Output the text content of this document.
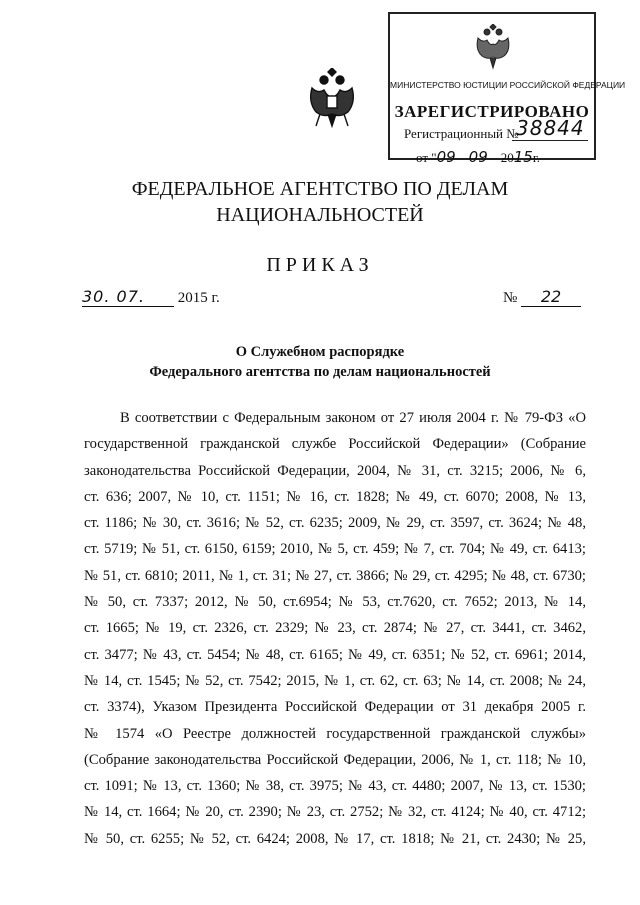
МИНИСТЕРСТВО ЮСТИЦИИ РОССИЙСКОЙ ФЕДЕРАЦИИ
ЗАРЕГИСТРИРОВАНО
Регистрационный №
38844
от "09 09 2015г.
ФЕДЕРАЛЬНОЕ АГЕНТСТВО ПО ДЕЛАМ
НАЦИОНАЛЬНОСТЕЙ
ПРИКАЗ
30. 07. 2015 г.	№ 22
О Служебном распорядке
Федерального агентства по делам национальностей
В соответствии с Федеральным законом от 27 июля 2004 г. № 79-ФЗ «О
государственной гражданской службе Российской Федерации» (Собрание
законодательства Российской Федерации, 2004, № 31, ст. 3215; 2006, № 6,
ст. 636; 2007, № 10, ст. 1151; № 16, ст. 1828; № 49, ст. 6070; 2008, № 13,
ст. 1186; № 30, ст. 3616; № 52, ст. 6235; 2009, № 29, ст. 3597, ст. 3624; № 48,
ст. 5719; № 51, ст. 6150, 6159; 2010, № 5, ст. 459; № 7, ст. 704; № 49, ст. 6413;
№ 51, ст. 6810; 2011, № 1, ст. 31; № 27, ст. 3866; № 29, ст. 4295; № 48, ст. 6730;
№ 50, ст. 7337; 2012, № 50, ст.6954; № 53, ст.7620, ст. 7652; 2013, № 14,
ст. 1665; № 19, ст. 2326, ст. 2329; № 23, ст. 2874; № 27, ст. 3441, ст. 3462,
ст. 3477; № 43, ст. 5454; № 48, ст. 6165; № 49, ст. 6351; № 52, ст. 6961; 2014,
№ 14, ст. 1545; № 52, ст. 7542; 2015, № 1, ст. 62, ст. 63; № 14, ст. 2008; № 24,
ст. 3374), Указом Президента Российской Федерации от 31 декабря 2005 г.
№ 1574 «О Реестре должностей государственной гражданской службы»
(Собрание законодательства Российской Федерации, 2006, № 1, ст. 118; № 10,
ст. 1091; № 13, ст. 1360; № 38, ст. 3975; № 43, ст. 4480; 2007, № 13, ст. 1530;
№ 14, ст. 1664; № 20, ст. 2390; № 23, ст. 2752; № 32, ст. 4124; № 40, ст. 4712;
№ 50, ст. 6255; № 52, ст. 6424; 2008, № 17, ст. 1818; № 21, ст. 2430; № 25,
